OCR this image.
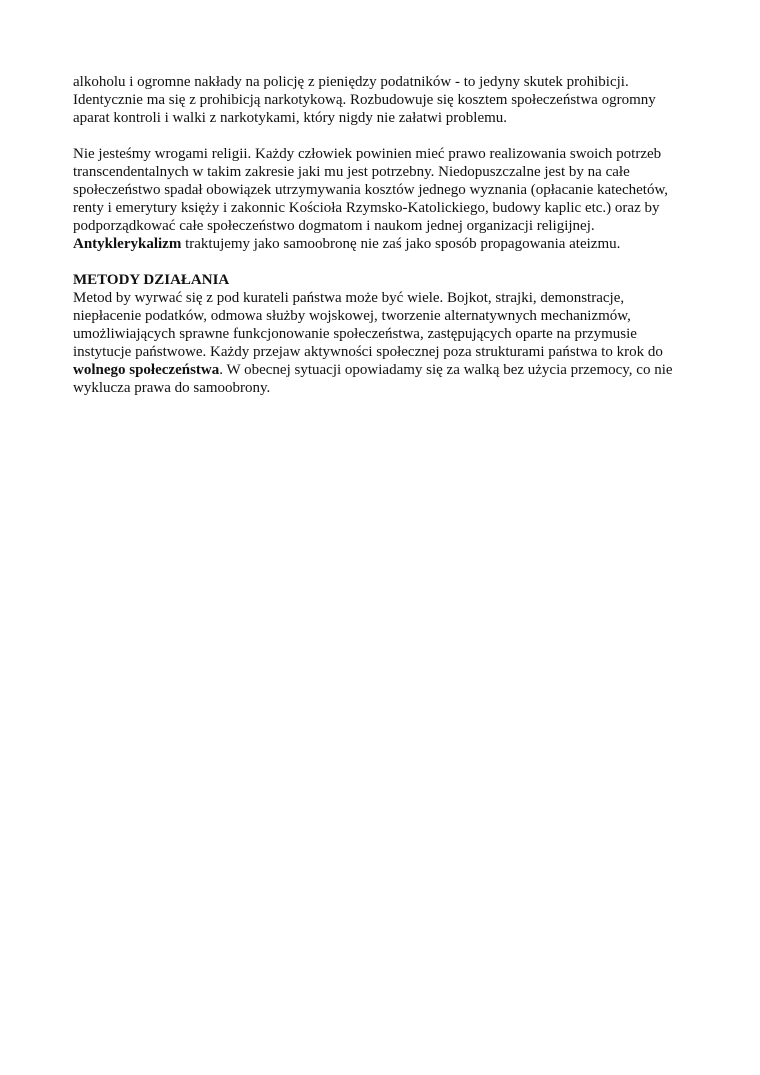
alkoholu i ogromne nakłady na policję z pieniędzy podatników - to jedyny skutek prohibicji.
Identycznie ma się z prohibicją narkotykową. Rozbudowuje się kosztem społeczeństwa ogromny
aparat kontroli i walki z narkotykami, który nigdy nie załatwi problemu.
Nie jesteśmy wrogami religii. Każdy człowiek powinien mieć prawo realizowania swoich potrzeb
transcendentalnych w takim zakresie jaki mu jest potrzebny. Niedopuszczalne jest by na całe
społeczeństwo spadał obowiązek utrzymywania kosztów jednego wyznania (opłacanie katechetów,
renty i emerytury księży i zakonnic Kościoła Rzymsko-Katolickiego, budowy kaplic etc.) oraz by
podporządkować całe społeczeństwo dogmatom i naukom jednej organizacji religijnej.
Antyklerykalizm traktujemy jako samoobronę nie zaś jako sposób propagowania ateizmu.
METODY DZIAŁANIA
Metod by wyrwać się z pod kurateli państwa może być wiele. Bojkot, strajki, demonstracje,
niepłacenie podatków, odmowa służby wojskowej, tworzenie alternatywnych mechanizmów,
umożliwiających sprawne funkcjonowanie społeczeństwa, zastępujących oparte na przymusie
instytucje państwowe. Każdy przejaw aktywności społecznej poza strukturami państwa to krok do
wolnego społeczeństwa. W obecnej sytuacji opowiadamy się za walką bez użycia przemocy, co nie
wyklucza prawa do samoobrony.
